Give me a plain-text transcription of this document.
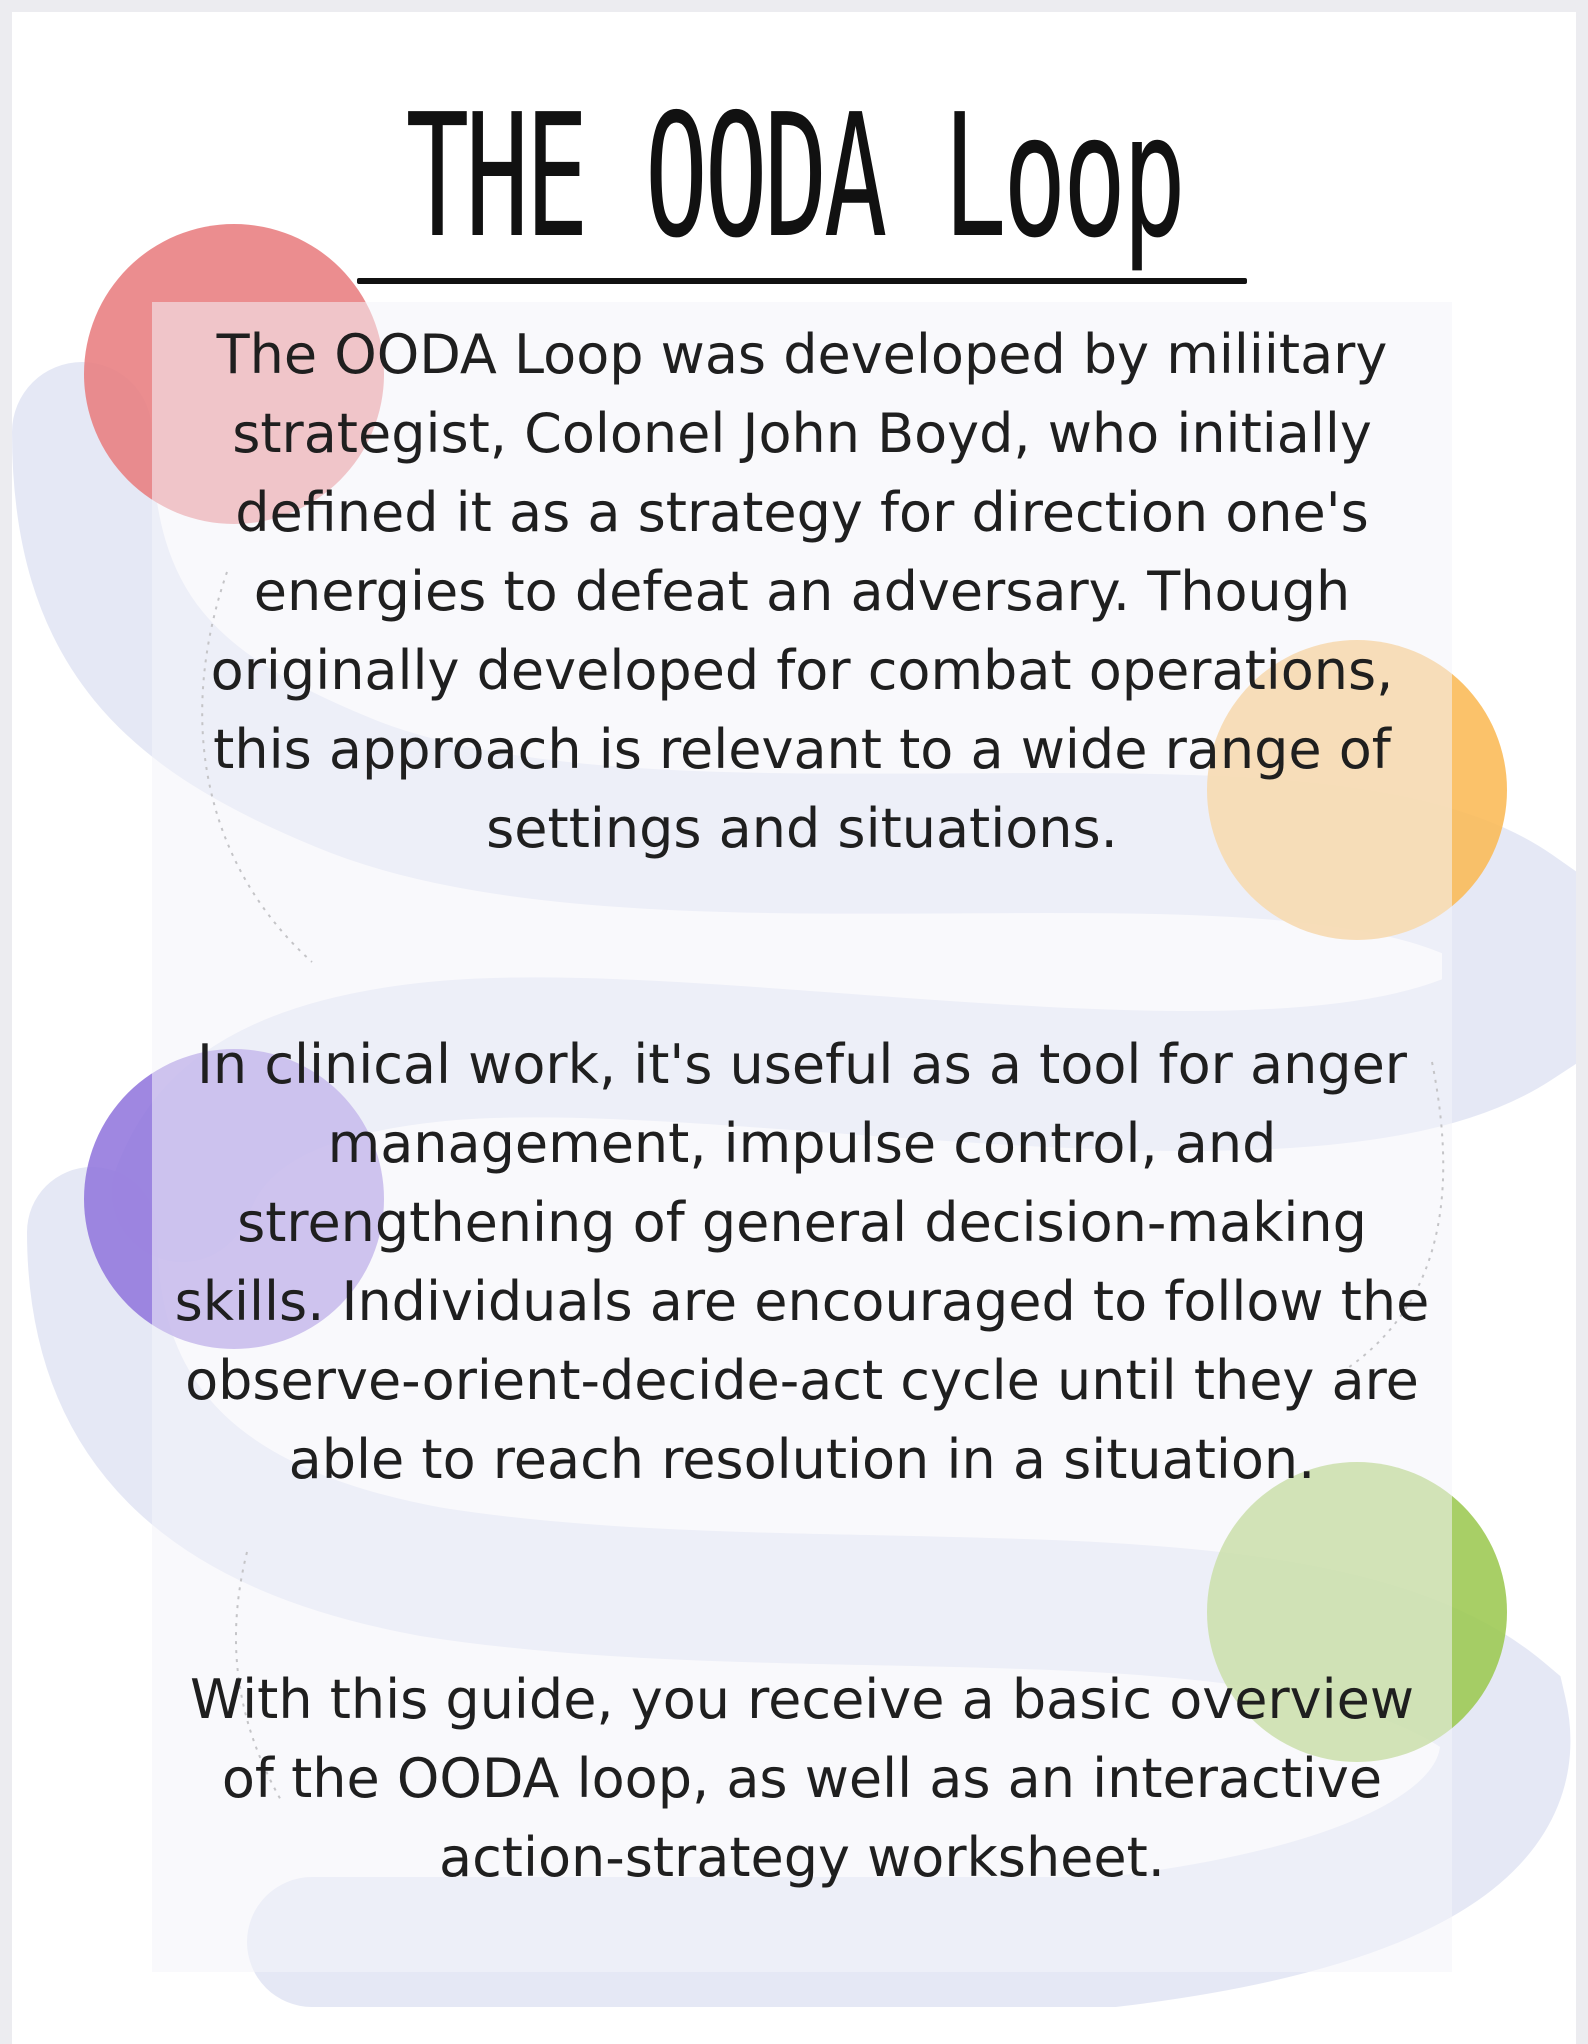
THE OODA Loop

The OODA Loop was developed by miliitary strategist, Colonel John Boyd, who initially defined it as a strategy for direction one's energies to defeat an adversary. Though originally developed for combat operations, this approach is relevant to a wide range of settings and situations.

In clinical work, it's useful as a tool for anger management, impulse control, and strengthening of general decision-making skills. Individuals are encouraged to follow the observe-orient-decide-act cycle until they are able to reach resolution in a situation.

With this guide, you receive a basic overview of the OODA loop, as well as an interactive action-strategy worksheet.
